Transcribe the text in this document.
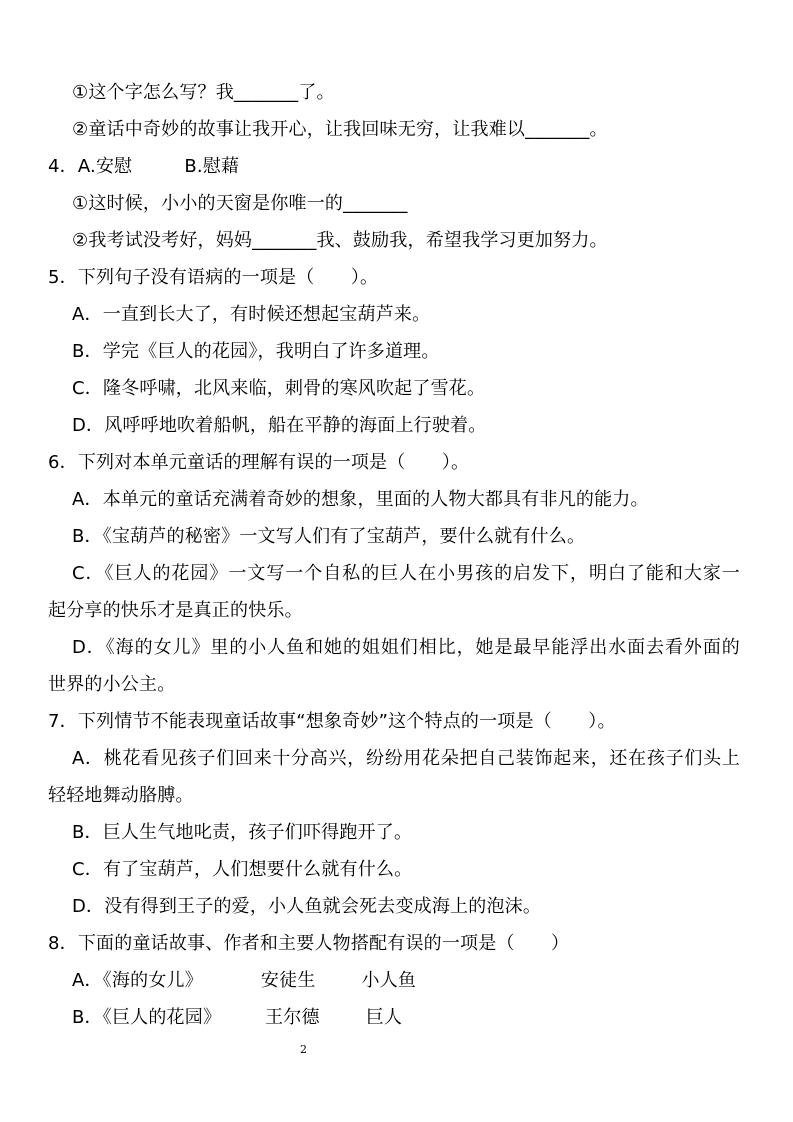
①这个字怎么写？我_______了。
②童话中奇妙的故事让我开心，让我回味无穷，让我难以_______。
4．A.安慰	B.慰藉
①这时候，小小的天窗是你唯一的_______
②我考试没考好，妈妈_______我、鼓励我，希望我学习更加努力。
5．下列句子没有语病的一项是（　　）。
A．一直到长大了，有时候还想起宝葫芦来。
B．学完《巨人的花园》，我明白了许多道理。
C．隆冬呼啸，北风来临，刺骨的寒风吹起了雪花。
D．风呼呼地吹着船帆，船在平静的海面上行驶着。
6．下列对本单元童话的理解有误的一项是（　　）。
A．本单元的童话充满着奇妙的想象，里面的人物大都具有非凡的能力。
B．《宝葫芦的秘密》一文写人们有了宝葫芦，要什么就有什么。
C．《巨人的花园》一文写一个自私的巨人在小男孩的启发下，明白了能和大家一
起分享的快乐才是真正的快乐。
D．《海的女儿》里的小人鱼和她的姐姐们相比，她是最早能浮出水面去看外面的
世界的小公主。
7．下列情节不能表现童话故事“想象奇妙”这个特点的一项是（　　）。
A．桃花看见孩子们回来十分高兴，纷纷用花朵把自己装饰起来，还在孩子们头上
轻轻地舞动胳膊。
B．巨人生气地叱责，孩子们吓得跑开了。
C．有了宝葫芦，人们想要什么就有什么。
D．没有得到王子的爱，小人鱼就会死去变成海上的泡沫。
8．下面的童话故事、作者和主要人物搭配有误的一项是（　　）
A．《海的女儿》	安徒生	小人鱼
B．《巨人的花园》 王尔德	巨人
2
